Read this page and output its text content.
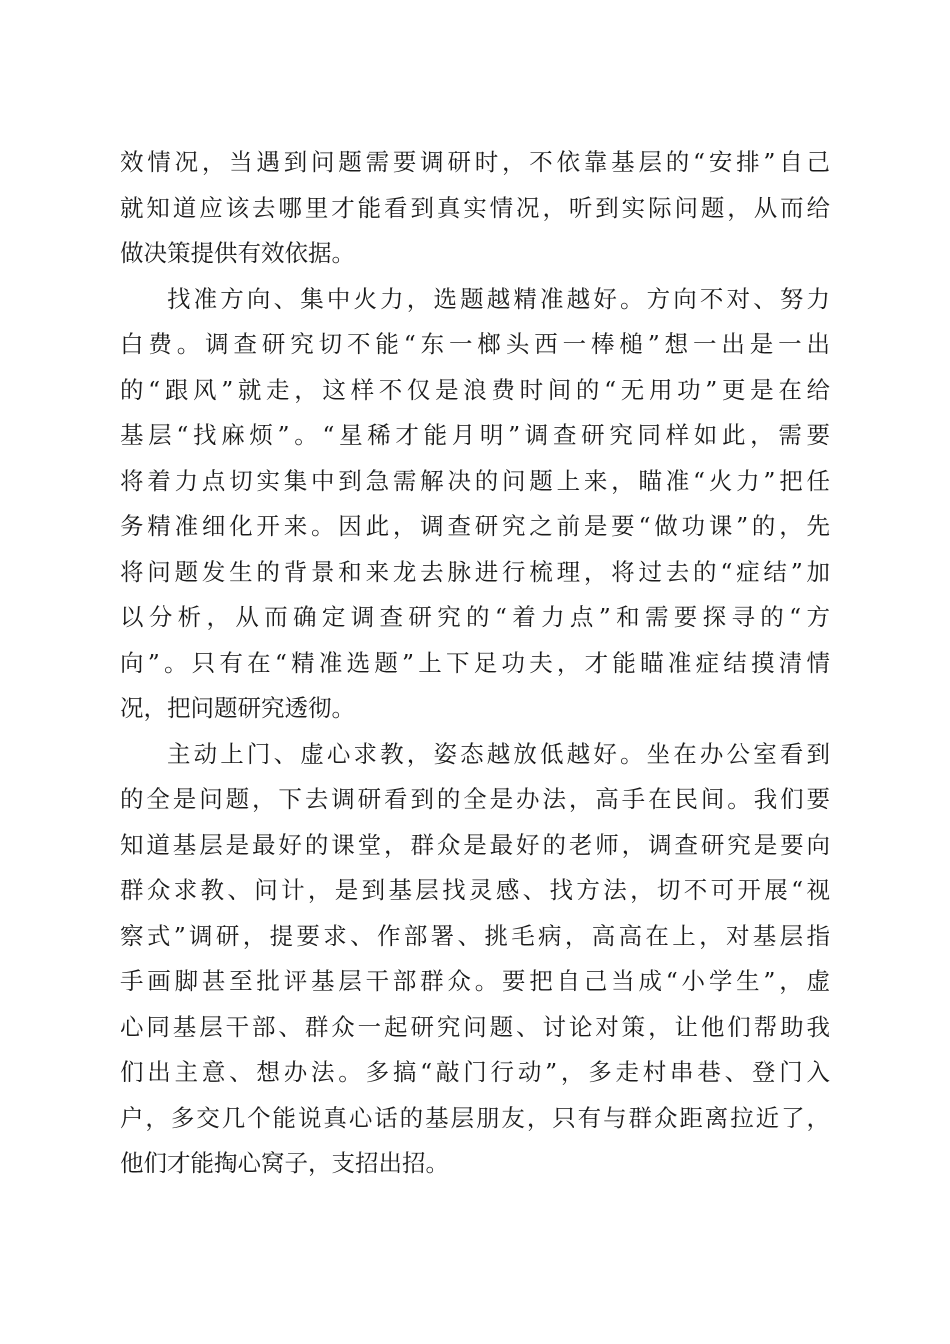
效情况，当遇到问题需要调研时，不依靠基层的“安排”自己
就知道应该去哪里才能看到真实情况，听到实际问题，从而给
做决策提供有效依据。
找准方向、集中火力，选题越精准越好。方向不对、努力
白费。调查研究切不能“东一榔头西一棒槌”想一出是一出
的“跟风”就走，这样不仅是浪费时间的“无用功”更是在给
基层“找麻烦”。“星稀才能月明”调查研究同样如此，需要
将着力点切实集中到急需解决的问题上来，瞄准“火力”把任
务精准细化开来。因此，调查研究之前是要“做功课”的，先
将问题发生的背景和来龙去脉进行梳理，将过去的“症结”加
以分析，从而确定调查研究的“着力点”和需要探寻的“方
向”。只有在“精准选题”上下足功夫，才能瞄准症结摸清情
况，把问题研究透彻。
主动上门、虚心求教，姿态越放低越好。坐在办公室看到
的全是问题，下去调研看到的全是办法，高手在民间。我们要
知道基层是最好的课堂，群众是最好的老师，调查研究是要向
群众求教、问计，是到基层找灵感、找方法，切不可开展“视
察式”调研，提要求、作部署、挑毛病，高高在上，对基层指
手画脚甚至批评基层干部群众。要把自己当成“小学生”，虚
心同基层干部、群众一起研究问题、讨论对策，让他们帮助我
们出主意、想办法。多搞“敲门行动”，多走村串巷、登门入
户，多交几个能说真心话的基层朋友，只有与群众距离拉近了，
他们才能掏心窝子，支招出招。
